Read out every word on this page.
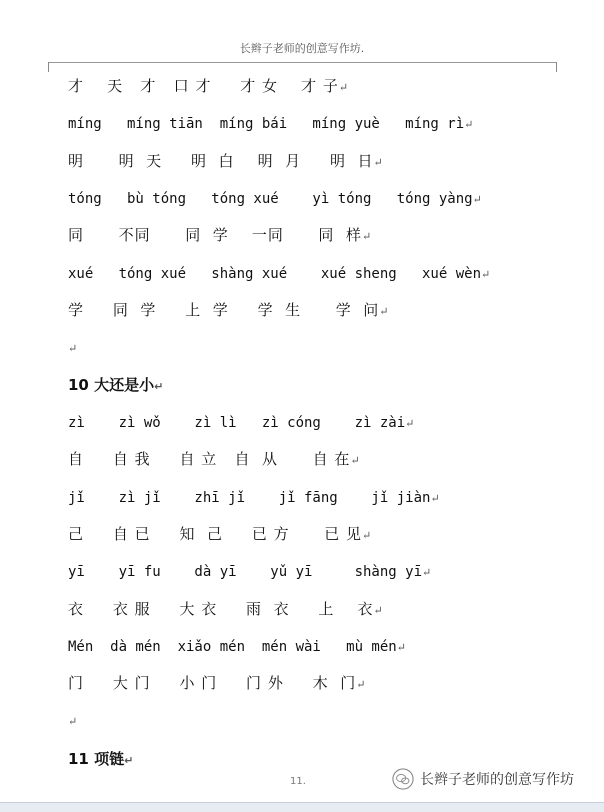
长辫子老师的创意写作坊.
才    天   才   口 才     才 女    才 子↵
míng   míng tiān  míng bái   míng yuè   míng rì↵
明      明  天     明  白    明  月     明  日↵
tóng   bù tóng   tóng xué    yì tóng   tóng yàng↵
同      不同      同  学    一同      同  样↵
xué   tóng xué   shàng xué    xué sheng   xué wèn↵
学     同  学     上  学     学  生      学  问↵
↵
10 大还是小↵
zì    zì wǒ    zì lì   zì cóng    zì zài↵
自     自 我     自 立   自  从      自 在↵
jǐ    zì jǐ    zhī jǐ    jǐ fāng    jǐ jiàn↵
己     自 已     知  己     已 方      已 见↵
yī    yī fu    dà yī    yǔ yī     shàng yī↵
衣     衣 服     大 衣     雨  衣     上    衣↵
Mén  dà mén  xiǎo mén  mén wài   mù mén↵
门     大 门     小 门     门 外     木  门↵
↵
11 项链↵
11.	长辫子老师的创意写作坊
